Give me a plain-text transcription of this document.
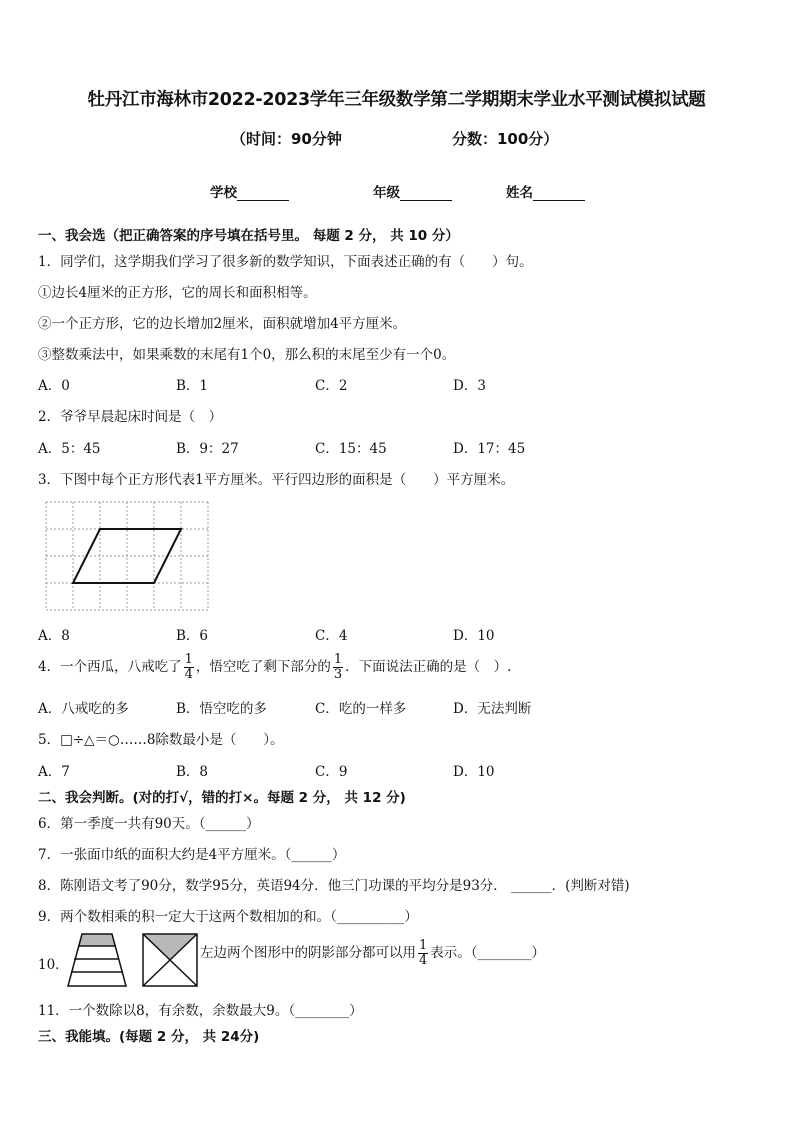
牡丹江市海林市2022-2023学年三年级数学第二学期期末学业水平测试模拟试题
（时间：90分钟	分数：100分）
学校	年级	姓名
一、我会选（把正确答案的序号填在括号里。 每题 2 分， 共 10 分）
1．同学们，这学期我们学习了很多新的数学知识，下面表述正确的有（　　）句。
①边长4厘米的正方形，它的周长和面积相等。
②一个正方形，它的边长增加2厘米，面积就增加4平方厘米。
③整数乘法中，如果乘数的末尾有1个0，那么积的末尾至少有一个0。
A．0	B．1	C．2	D．3
2．爷爷早晨起床时间是（　）
A．5：45	B．9：27	C．15：45	D．17：45
3．下图中每个正方形代表1平方厘米。平行四边形的面积是（　　）平方厘米。
A．8	B．6	C．4	D．10
4．一个西瓜，八戒吃了 $\frac{1}{4}$ ，悟空吃了剩下部分的 $\frac{1}{3}$ ．下面说法正确的是（　）.
A．八戒吃的多	B．悟空吃的多	C．吃的一样多	D．无法判断
5．□÷△＝○……8除数最小是（　　）。
A．7	B．8	C．9	D．10
二、我会判断。(对的打√，错的打×。每题 2 分， 共 12 分)
6．第一季度一共有90天。（______）
7．一张面巾纸的面积大约是4平方厘米。（______）
8．陈刚语文考了90分，数学95分，英语94分．他三门功课的平均分是93分． ______．(判断对错)
9．两个数相乘的积一定大于这两个数相加的和。（__________）
10．
左边两个图形中的阴影部分都可以用 $\frac{1}{4}$ 表示。（________）
11．一个数除以8，有余数，余数最大9。（________）
三、我能填。(每题 2 分， 共 24分)
